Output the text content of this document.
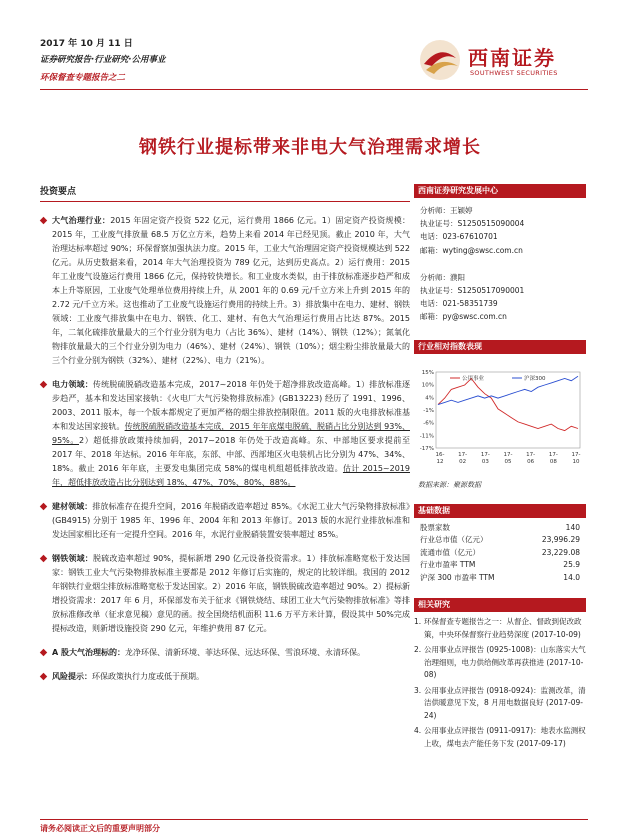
2017 年 10 月 11 日
证券研究报告·行业研究·公用事业
环保督查专题报告之二
西南证券
SOUTHWEST SECURITIES
钢铁行业提标带来非电大气治理需求增长
投资要点
大气治理行业：2015 年固定资产投资 522 亿元，运行费用 1866 亿元。1）固定资产投资规模：2015 年，工业废气排放量 68.5 万亿立方米，趋势上来看 2014 年已经见顶。截止 2010 年，大气治理达标率超过 90%；环保督察加强执法力度。2015 年，工业大气治理固定资产投资规模达到 522 亿元。从历史数据来看，2014 年大气治理投资为 789 亿元，达到历史高点。2）运行费用：2015 年工业废气设施运行费用 1866 亿元，保持较快增长。和工业废水类似，由于排放标准逐步趋严和成本上升等原因，工业废气处理单位费用持续上升，从 2001 年的 0.69 元/千立方米上升到 2015 年的 2.72 元/千立方米。这也推动了工业废气设施运行费用的持续上升。3）排放集中在电力、建材、钢铁领域：工业废气排放集中在电力、钢铁、化工、建材、有色大气治理运行费用占比达 87%。2015 年，二氧化硫排放量最大的三个行业分别为电力（占比 36%）、建材（14%）、钢铁（12%）；氮氧化物排放量最大的三个行业分别为电力（46%）、建材（24%）、钢铁（10%）；烟尘粉尘排放量最大的三个行业分别为钢铁（32%）、建材（22%）、电力（21%）。
电力领域：传统脱硫脱硝改造基本完成，2017~2018 年仍处于超净排放改造高峰。1）排放标准逐步趋严，基本和发达国家接轨：《火电厂大气污染物排放标准》(GB13223) 经历了 1991、1996、2003、2011 版本，每一个版本都规定了更加严格的烟尘排放控制限值。2011 版的火电排放标准基本和发达国家接轨。传统脱硫脱硝改造基本完成，2015 年年底煤电脱硫、脱硝占比分别达到 93%、95%。2）超低排放政策持续加码，2017~2018 年仍处于改造高峰。东、中部地区要求提前至 2017 年、2018 年达标。2016 年年底，东部、中部、西部地区火电装机占比分别为 47%、34%、18%。截止 2016 年年底，主要发电集团完成 58%的煤电机组超低排放改造。估计 2015~2019 年，超低排放改造占比分别达到 18%、47%、70%、80%、88%。
建材领域：排放标准存在提升空间，2016 年脱硝改造率超过 85%。《水泥工业大气污染物排放标准》(GB4915) 分别于 1985 年、1996 年、2004 年和 2013 年修订。2013 版的水泥行业排放标准和发达国家相比还有一定提升空间。2016 年，水泥行业脱硝装置安装率超过 85%。
钢铁领域：脱硫改造率超过 90%，提标新增 290 亿元设备投资需求。1）排放标准略宽松于发达国家：钢铁工业大气污染物排放标准主要都是 2012 年修订后实施的，规定的比较详细。我国的 2012 年钢铁行业烟尘排放标准略宽松于发达国家。2）2016 年底，钢铁脱硫改造率超过 90%。2）提标新增投资需求：2017 年 6 月，环保部发布关于征求《钢铁烧结、球团工业大气污染物排放标准》等排放标准修改单（征求意见稿）意见的函。按全国烧结机面积 11.6 万平方米计算，假设其中 50%完成提标改造，则新增设施投资 290 亿元，年维护费用 87 亿元。
A 股大气治理标的：龙净环保、清新环境、菲达环保、远达环保、雪浪环境、永清环保。
风险提示：环保政策执行力度或低于预期。
西南证券研究发展中心
分析师：王颖婷
执业证号：S1250515090004
电话：023-67610701
邮箱：wyting@swsc.com.cn
分析师：濮阳
执业证号：S1250517090001
电话：021-58351739
邮箱：py@swsc.com.cn
行业相对指数表现
15%
10%
4%
-1%
-6%
-11%
-17%
16-
12
17-
02
17-
03
17-
05
17-
06
17-
08
17-
10
公用事业	沪深300
数据来源：聚源数据
基础数据
股票家数	140
行业总市值（亿元）	23,996.29
流通市值（亿元）	23,229.08
行业市盈率 TTM	25.9
沪深 300 市盈率 TTM	14.0
相关研究
1. 环保督查专题报告之一：从督企、督政到促改政策，中央环保督察行业趋势深度 (2017-10-09)
2. 公用事业点评报告 (0925-1008)：山东落实大气治理细则，电力供给侧改革再获推进 (2017-10-08)
3. 公用事业点评报告 (0918-0924)：监测改革，清洁供暖意见下发，8 月用电数据良好 (2017-09-24)
4. 公用事业点评报告 (0911-0917)：地表水监测权上收，煤电去产能任务下发 (2017-09-17)
请务必阅读正文后的重要声明部分
